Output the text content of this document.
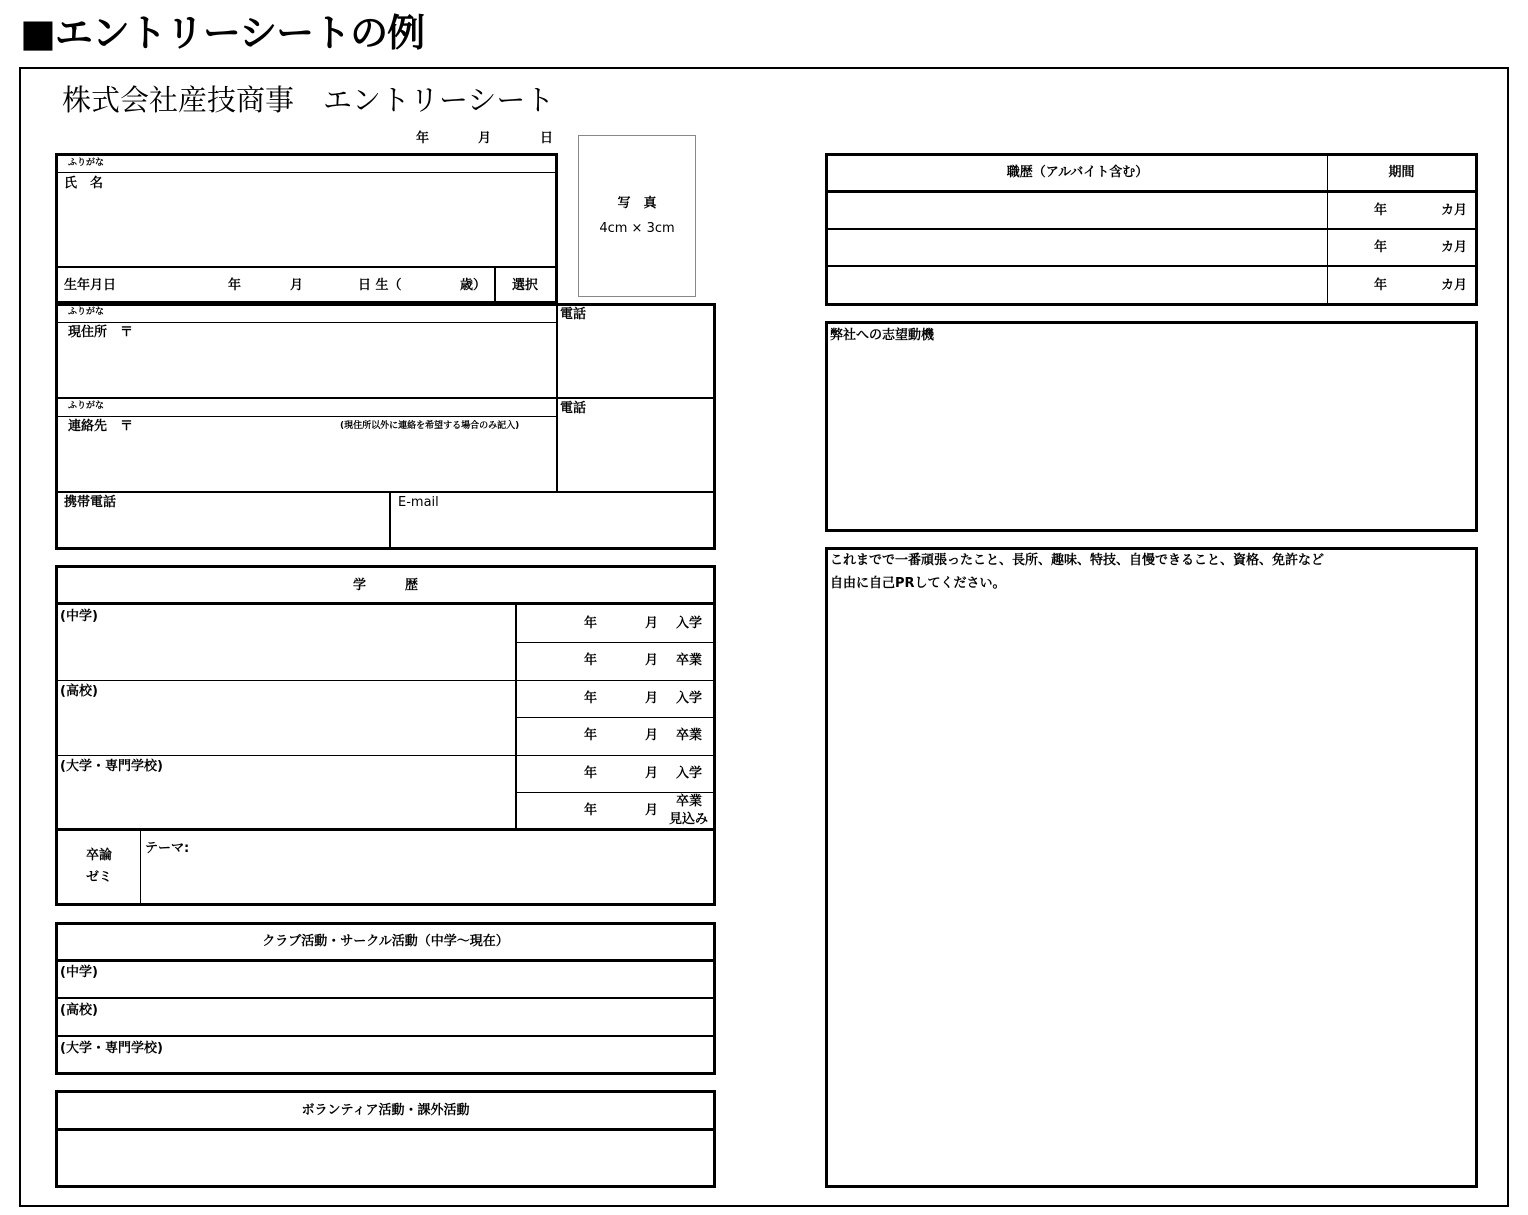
■エントリーシートの例
株式会社産技商事　エントリーシート
年	月	日
写　真
4cm × 3cm
ふりがな
氏　名
生年月日	年	月	日 生（	歳） 選択
ふりがな
現住所　〒
電話
ふりがな
連絡先　〒	(現住所以外に連絡を希望する場合のみ記入)
電話
携帯電話	E-mail
学　　　歴
(中学)	年	月 入学
年	月 卒業
(高校)	年	月 入学
年	月 卒業
(大学・専門学校)	年	月 入学
年	月
卒業
見込み
卒論
ゼミ
テーマ:
クラブ活動・サークル活動（中学～現在）
(中学)
(高校)
(大学・専門学校)
ボランティア活動・課外活動
職歴（アルバイト含む）	期間
年	カ月
年	カ月
年	カ月
弊社への志望動機
これまでで一番頑張ったこと、長所、趣味、特技、自慢できること、資格、免許など
自由に自己PRしてください。
